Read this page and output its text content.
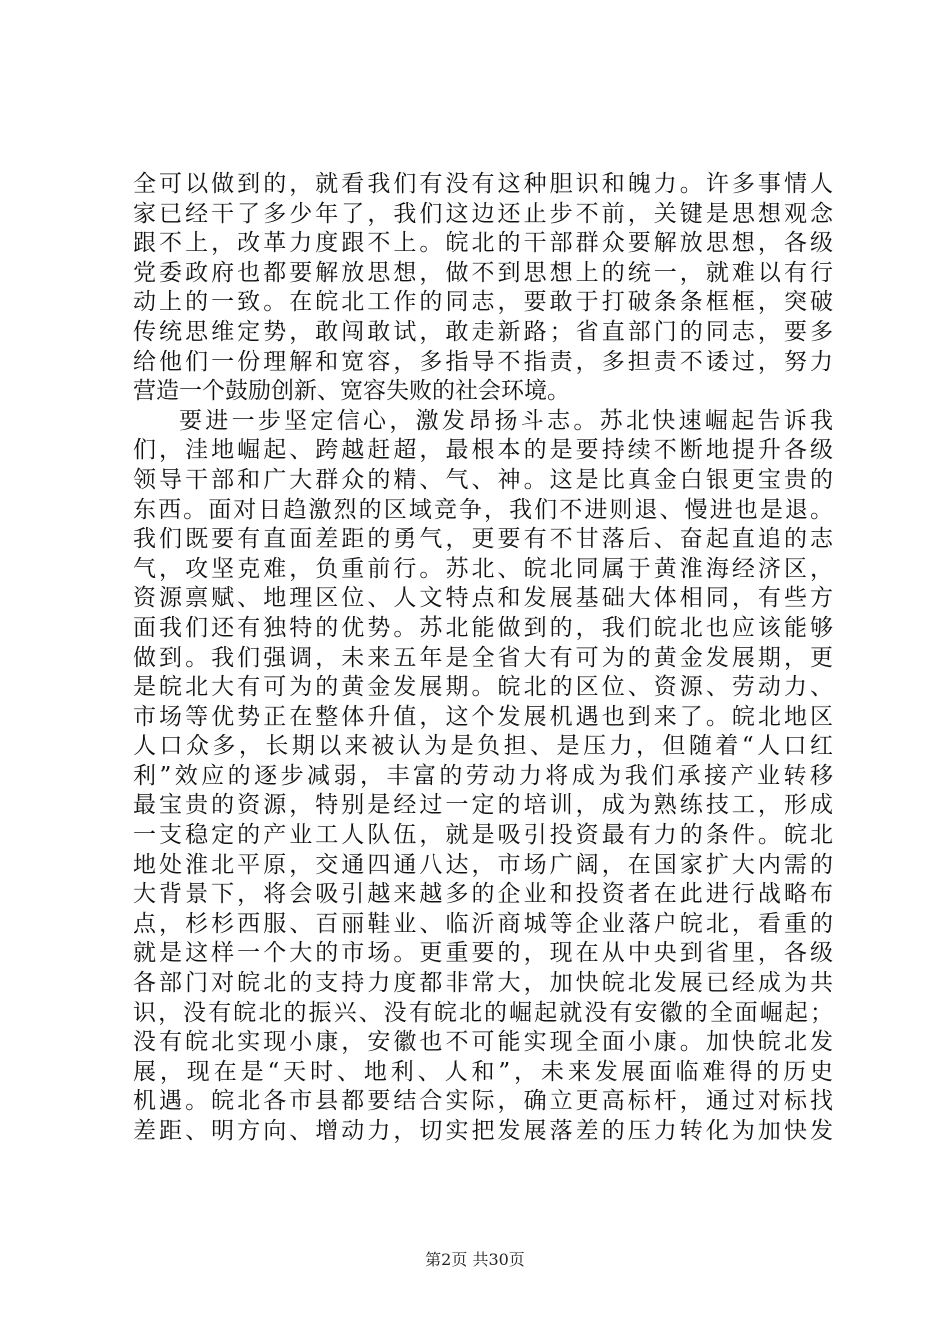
全可以做到的，就看我们有没有这种胆识和魄力。许多事情人
家已经干了多少年了，我们这边还止步不前，关键是思想观念
跟不上，改革力度跟不上。皖北的干部群众要解放思想，各级
党委政府也都要解放思想，做不到思想上的统一，就难以有行
动上的一致。在皖北工作的同志，要敢于打破条条框框，突破
传统思维定势，敢闯敢试，敢走新路；省直部门的同志，要多
给他们一份理解和宽容，多指导不指责，多担责不诿过，努力
营造一个鼓励创新、宽容失败的社会环境。
要进一步坚定信心，激发昂扬斗志。苏北快速崛起告诉我
们，洼地崛起、跨越赶超，最根本的是要持续不断地提升各级
领导干部和广大群众的精、气、神。这是比真金白银更宝贵的
东西。面对日趋激烈的区域竞争，我们不进则退、慢进也是退。
我们既要有直面差距的勇气，更要有不甘落后、奋起直追的志
气，攻坚克难，负重前行。苏北、皖北同属于黄淮海经济区，
资源禀赋、地理区位、人文特点和发展基础大体相同，有些方
面我们还有独特的优势。苏北能做到的，我们皖北也应该能够
做到。我们强调，未来五年是全省大有可为的黄金发展期，更
是皖北大有可为的黄金发展期。皖北的区位、资源、劳动力、
市场等优势正在整体升值，这个发展机遇也到来了。皖北地区
人口众多，长期以来被认为是负担、是压力，但随着“人口红
利”效应的逐步减弱，丰富的劳动力将成为我们承接产业转移
最宝贵的资源，特别是经过一定的培训，成为熟练技工，形成
一支稳定的产业工人队伍，就是吸引投资最有力的条件。皖北
地处淮北平原，交通四通八达，市场广阔，在国家扩大内需的
大背景下，将会吸引越来越多的企业和投资者在此进行战略布
点，杉杉西服、百丽鞋业、临沂商城等企业落户皖北，看重的
就是这样一个大的市场。更重要的，现在从中央到省里，各级
各部门对皖北的支持力度都非常大，加快皖北发展已经成为共
识，没有皖北的振兴、没有皖北的崛起就没有安徽的全面崛起；
没有皖北实现小康，安徽也不可能实现全面小康。加快皖北发
展，现在是“天时、地利、人和”，未来发展面临难得的历史
机遇。皖北各市县都要结合实际，确立更高标杆，通过对标找
差距、明方向、增动力，切实把发展落差的压力转化为加快发
第2页 共30页
